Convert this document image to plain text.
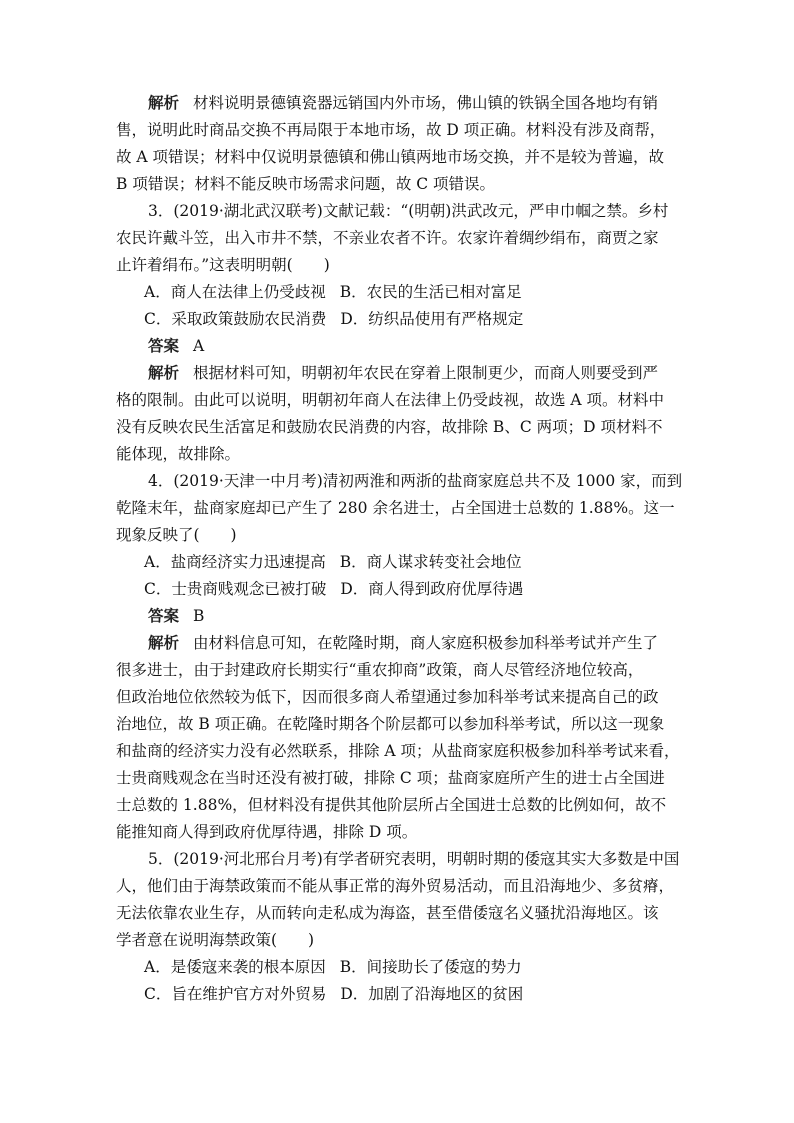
解析 材料说明景德镇瓷器远销国内外市场，佛山镇的铁锅全国各地均有销
售，说明此时商品交换不再局限于本地市场，故 D 项正确。材料没有涉及商帮，
故 A 项错误；材料中仅说明景德镇和佛山镇两地市场交换，并不是较为普遍，故
B 项错误；材料不能反映市场需求问题，故 C 项错误。
3．(2019·湖北武汉联考)文献记载：“(明朝)洪武改元，严申巾帼之禁。乡村
农民许戴斗笠，出入市井不禁，不亲业农者不许。农家许着绸纱绢布，商贾之家
止许着绢布。”这表明明朝(　　)
A．商人在法律上仍受歧视 B．农民的生活已相对富足
C．采取政策鼓励农民消费 D．纺织品使用有严格规定
答案 A
解析 根据材料可知，明朝初年农民在穿着上限制更少，而商人则要受到严
格的限制。由此可以说明，明朝初年商人在法律上仍受歧视，故选 A 项。材料中
没有反映农民生活富足和鼓励农民消费的内容，故排除 B、C 两项；D 项材料不
能体现，故排除。
4．(2019·天津一中月考)清初两淮和两浙的盐商家庭总共不及 1000 家，而到
乾隆末年，盐商家庭却已产生了 280 余名进士，占全国进士总数的 1.88%。这一
现象反映了(　　)
A．盐商经济实力迅速提高 B．商人谋求转变社会地位
C．士贵商贱观念已被打破 D．商人得到政府优厚待遇
答案 B
解析 由材料信息可知，在乾隆时期，商人家庭积极参加科举考试并产生了
很多进士，由于封建政府长期实行“重农抑商”政策，商人尽管经济地位较高，
但政治地位依然较为低下，因而很多商人希望通过参加科举考试来提高自己的政
治地位，故 B 项正确。在乾隆时期各个阶层都可以参加科举考试，所以这一现象
和盐商的经济实力没有必然联系，排除 A 项；从盐商家庭积极参加科举考试来看，
士贵商贱观念在当时还没有被打破，排除 C 项；盐商家庭所产生的进士占全国进
士总数的 1.88%，但材料没有提供其他阶层所占全国进士总数的比例如何，故不
能推知商人得到政府优厚待遇，排除 D 项。
5．(2019·河北邢台月考)有学者研究表明，明朝时期的倭寇其实大多数是中国
人，他们由于海禁政策而不能从事正常的海外贸易活动，而且沿海地少、多贫瘠，
无法依靠农业生存，从而转向走私成为海盗，甚至借倭寇名义骚扰沿海地区。该
学者意在说明海禁政策(　　)
A．是倭寇来袭的根本原因 B．间接助长了倭寇的势力
C．旨在维护官方对外贸易 D．加剧了沿海地区的贫困
